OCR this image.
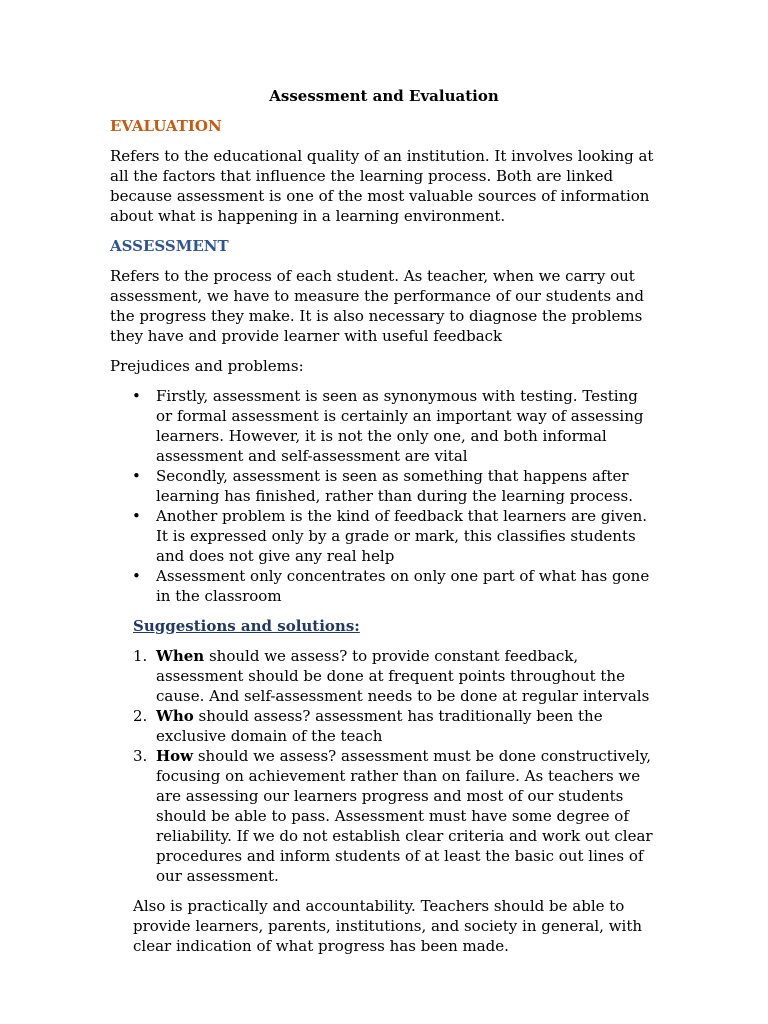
Assessment and Evaluation
EVALUATION

Refers to the educational quality of an institution. It involves looking at all the factors that influence the learning process. Both are linked because assessment is one of the most valuable sources of information about what is happening in a learning environment.

ASSESSMENT

Refers to the process of each student. As teacher, when we carry out assessment, we have to measure the performance of our students and the progress they make. It is also necessary to diagnose the problems they have and provide learner with useful feedback

Prejudices and problems:

• Firstly, assessment is seen as synonymous with testing. Testing or formal assessment is certainly an important way of assessing learners. However, it is not the only one, and both informal assessment and self-assessment are vital
• Secondly, assessment is seen as something that happens after learning has finished, rather than during the learning process.
• Another problem is the kind of feedback that learners are given. It is expressed only by a grade or mark, this classifies students and does not give any real help
• Assessment only concentrates on only one part of what has gone in the classroom
Suggestions and solutions:
1. When should we assess? to provide constant feedback, assessment should be done at frequent points throughout the cause. And self-assessment needs to be done at regular intervals
2. Who should assess? assessment has traditionally been the exclusive domain of the teach
3. How should we assess? assessment must be done constructively, focusing on achievement rather than on failure. As teachers we are assessing our learners progress and most of our students should be able to pass. Assessment must have some degree of reliability. If we do not establish clear criteria and work out clear procedures and inform students of at least the basic out lines of our assessment.

Also is practically and accountability. Teachers should be able to provide learners, parents, institutions, and society in general, with clear indication of what progress has been made.
